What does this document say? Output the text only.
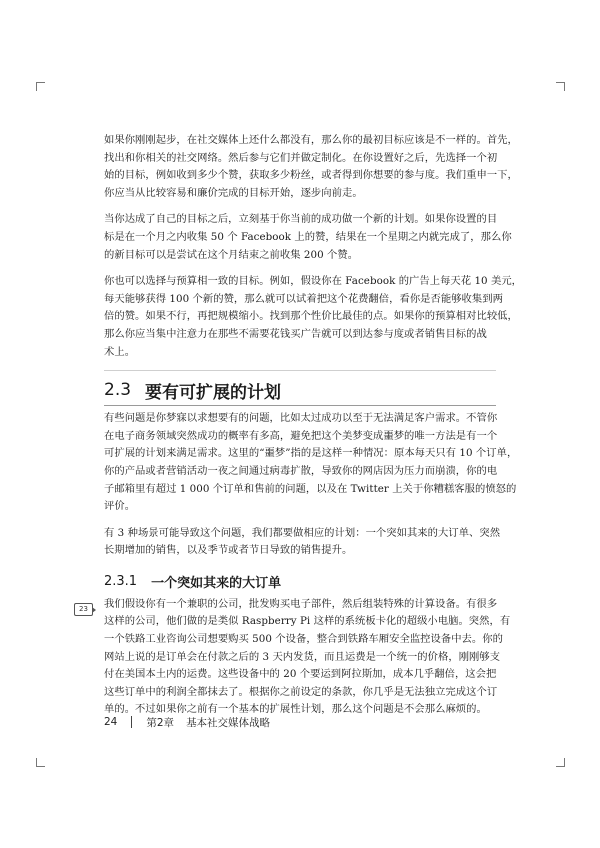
如果你刚刚起步，在社交媒体上还什么都没有，那么你的最初目标应该是不一样的。首先，
找出和你相关的社交网络。然后参与它们并做定制化。在你设置好之后，先选择一个初
始的目标，例如收到多少个赞，获取多少粉丝，或者得到你想要的参与度。我们重申一下，
你应当从比较容易和廉价完成的目标开始，逐步向前走。

当你达成了自己的目标之后，立刻基于你当前的成功做一个新的计划。如果你设置的目
标是在一个月之内收集 50 个 Facebook 上的赞，结果在一个星期之内就完成了，那么你
的新目标可以是尝试在这个月结束之前收集 200 个赞。

你也可以选择与预算相一致的目标。例如，假设你在 Facebook 的广告上每天花 10 美元，
每天能够获得 100 个新的赞，那么就可以试着把这个花费翻倍，看你是否能够收集到两
倍的赞。如果不行，再把规模缩小。找到那个性价比最佳的点。如果你的预算相对比较低，
那么你应当集中注意力在那些不需要花钱买广告就可以到达参与度或者销售目标的战
术上。

2.3 要有可扩展的计划

有些问题是你梦寐以求想要有的问题，比如太过成功以至于无法满足客户需求。不管你
在电子商务领域突然成功的概率有多高，避免把这个美梦变成噩梦的唯一方法是有一个
可扩展的计划来满足需求。这里的“噩梦”指的是这样一种情况：原本每天只有 10 个订单，
你的产品或者营销活动一夜之间通过病毒扩散，导致你的网店因为压力而崩溃，你的电
子邮箱里有超过 1 000 个订单和售前的问题，以及在 Twitter 上关于你糟糕客服的愤怒的
评价。

有 3 种场景可能导致这个问题，我们都要做相应的计划：一个突如其来的大订单、突然
长期增加的销售，以及季节或者节日导致的销售提升。

2.3.1 一个突如其来的大订单

我们假设你有一个兼职的公司，批发购买电子部件，然后组装特殊的计算设备。有很多
这样的公司，他们做的是类似 Raspberry Pi 这样的系统板卡化的超级小电脑。突然，有
一个铁路工业咨询公司想要购买 500 个设备，整合到铁路车厢安全监控设备中去。你的
网站上说的是订单会在付款之后的 3 天内发货，而且运费是一个统一的价格，刚刚够支
付在美国本土内的运费。这些设备中的 20 个要运到阿拉斯加，成本几乎翻倍，这会把
这些订单中的利润全都抹去了。根据你之前设定的条款，你几乎是无法独立完成这个订
单的。不过如果你之前有一个基本的扩展性计划，那么这个问题是不会那么麻烦的。

23
24	第2章 基本社交媒体战略
